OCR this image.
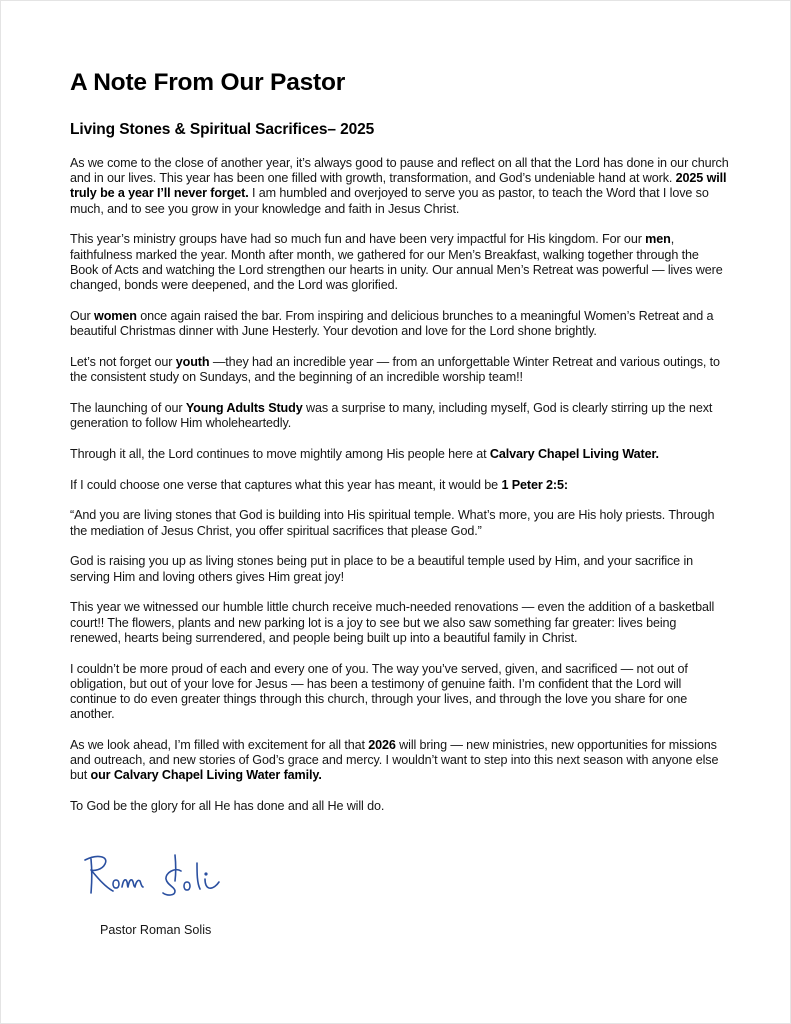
A Note From Our Pastor
Living Stones & Spiritual Sacrifices– 2025

As we come to the close of another year, it’s always good to pause and reflect on all that the Lord has done in our church and in our lives. This year has been one filled with growth, transformation, and God’s undeniable hand at work. 2025 will truly be a year I’ll never forget. I am humbled and overjoyed to serve you as pastor, to teach the Word that I love so much, and to see you grow in your knowledge and faith in Jesus Christ.

This year’s ministry groups have had so much fun and have been very impactful for His kingdom. For our men, faithfulness marked the year. Month after month, we gathered for our Men’s Breakfast, walking together through the Book of Acts and watching the Lord strengthen our hearts in unity. Our annual Men’s Retreat was powerful — lives were changed, bonds were deepened, and the Lord was glorified.

Our women once again raised the bar. From inspiring and delicious brunches to a meaningful Women’s Retreat and a beautiful Christmas dinner with June Hesterly. Your devotion and love for the Lord shone brightly.

Let’s not forget our youth —they had an incredible year — from an unforgettable Winter Retreat and various outings, to the consistent study on Sundays, and the beginning of an incredible worship team!!

The launching of our Young Adults Study was a surprise to many, including myself, God is clearly stirring up the next generation to follow Him wholeheartedly.

Through it all, the Lord continues to move mightily among His people here at Calvary Chapel Living Water.

If I could choose one verse that captures what this year has meant, it would be 1 Peter 2:5:

“And you are living stones that God is building into His spiritual temple. What’s more, you are His holy priests. Through the mediation of Jesus Christ, you offer spiritual sacrifices that please God.”

God is raising you up as living stones being put in place to be a beautiful temple used by Him, and your sacrifice in serving Him and loving others gives Him great joy!

This year we witnessed our humble little church receive much-needed renovations — even the addition of a basketball court!! The flowers, plants and new parking lot is a joy to see but we also saw something far greater: lives being renewed, hearts being surrendered, and people being built up into a beautiful family in Christ.

I couldn’t be more proud of each and every one of you. The way you’ve served, given, and sacrificed — not out of obligation, but out of your love for Jesus — has been a testimony of genuine faith. I’m confident that the Lord will continue to do even greater things through this church, through your lives, and through the love you share for one another.

As we look ahead, I’m filled with excitement for all that 2026 will bring — new ministries, new opportunities for missions and outreach, and new stories of God’s grace and mercy. I wouldn’t want to step into this next season with anyone else but our Calvary Chapel Living Water family.

To God be the glory for all He has done and all He will do.

Pastor Roman Solis
